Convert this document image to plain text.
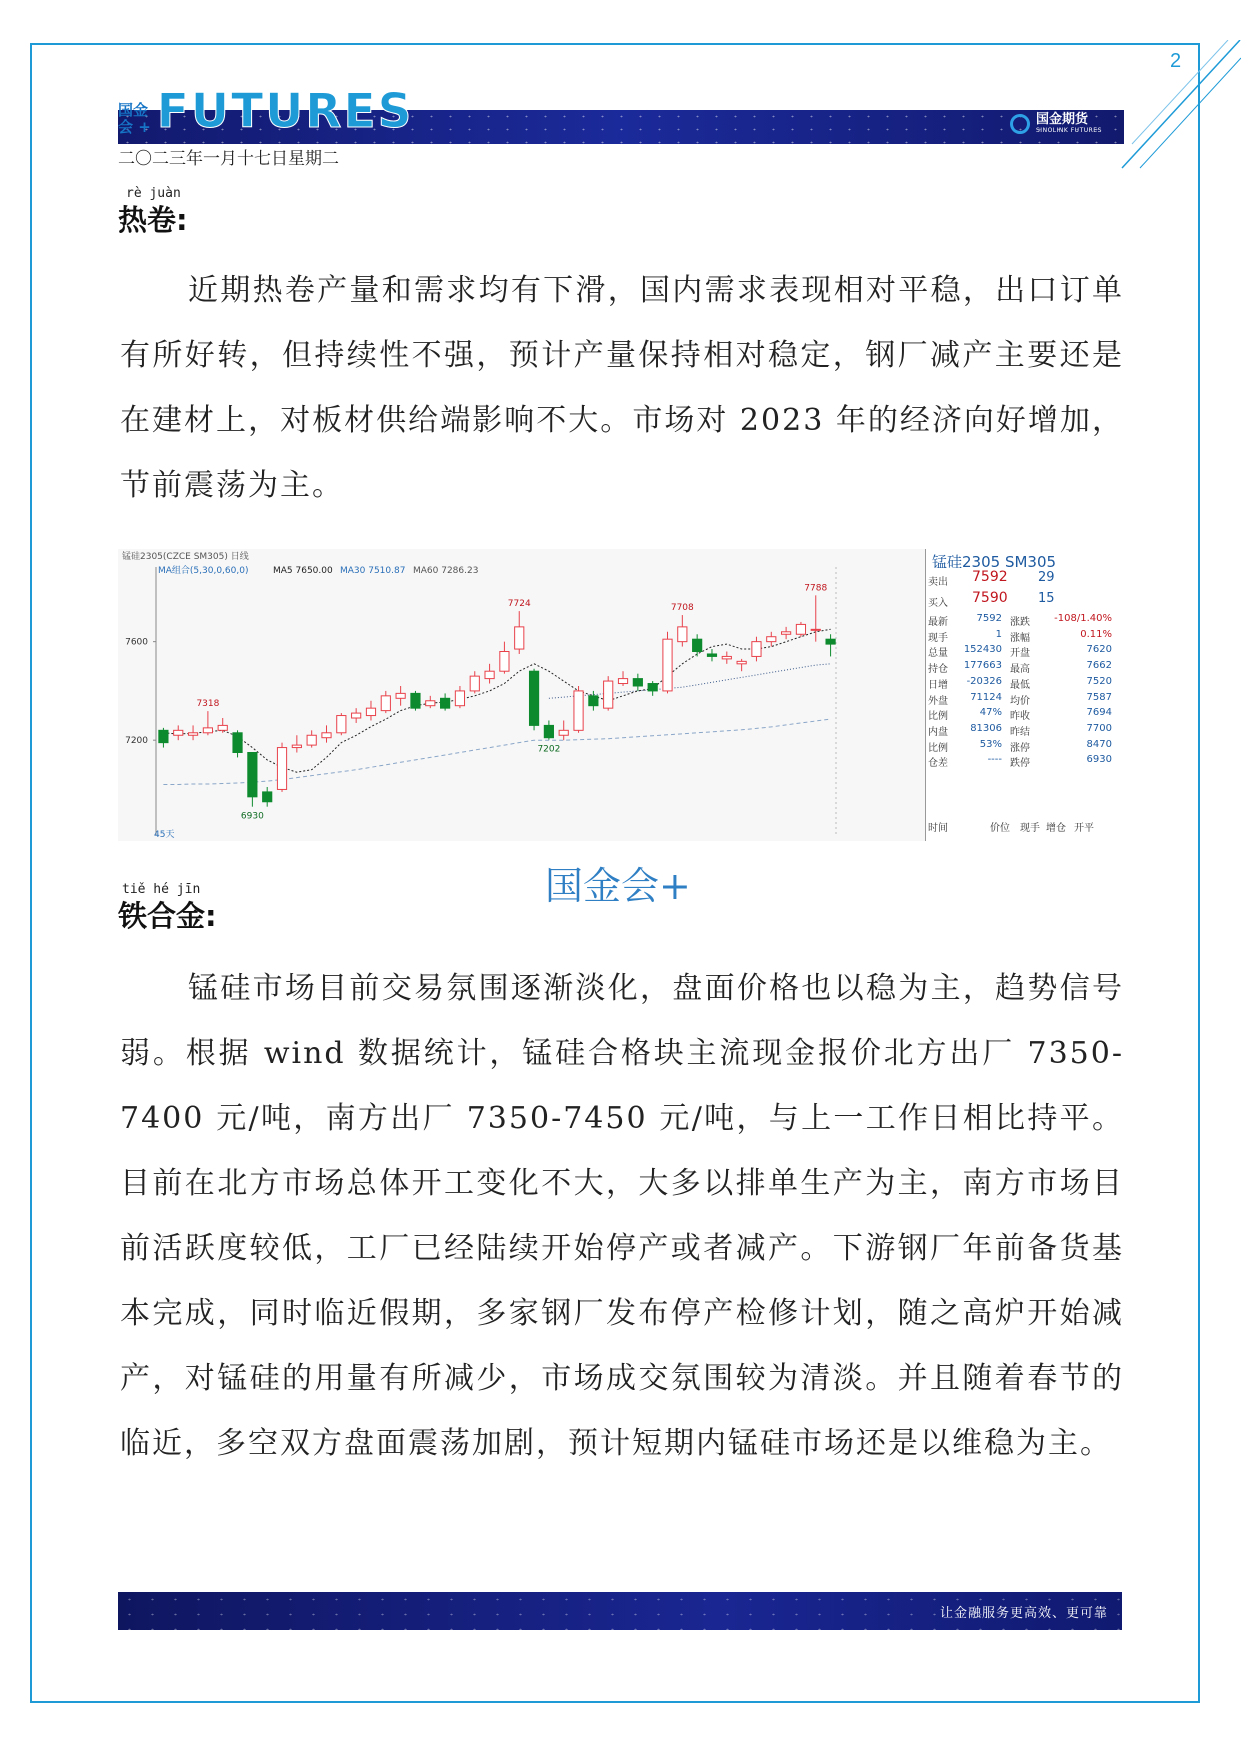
2
国金
会 + FUTURES	国金期货
SINOLINK FUTURES
二〇二三年一月十七日星期二
rè juàn
热卷:
近期热卷产量和需求均有下滑，国内需求表现相对平稳，出口订单有所好转，但持续性不强，预计产量保持相对稳定，钢厂减产主要还是在建材上，对板材供给端影响不大。市场对 2023 年的经济向好增加，节前震荡为主。
锰硅2305(CZCE SM305) 日线
MA组合(5,30,0,60,0)	MA5 7650.00 MA30 7510.87 MA60 7286.23
7600
7200
45天
7318
6930
7724
7202
7708
7788
锰硅2305 SM305
卖出 7592 29
买入 7590 15
最新	7592 涨跌 -108/1.40%
现手	1 涨幅	0.11%
总量 152430 开盘	7620
持仓 177663 最高	7662
日增 -20326 最低	7520
外盘 71124 均价	7587
比例	47% 昨收	7694
内盘 81306 昨结	7700
比例	53% 涨停	8470
仓差	---- 跌停	6930
时间	价位 现手 增仓 开平
国金会+
tiě hé jīn
铁合金:
锰硅市场目前交易氛围逐渐淡化，盘面价格也以稳为主，趋势信号弱。根据 wind 数据统计，锰硅合格块主流现金报价北方出厂 7350-7400 元/吨，南方出厂 7350-7450 元/吨，与上一工作日相比持平。目前在北方市场总体开工变化不大，大多以排单生产为主，南方市场目前活跃度较低，工厂已经陆续开始停产或者减产。下游钢厂年前备货基本完成，同时临近假期，多家钢厂发布停产检修计划，随之高炉开始减产，对锰硅的用量有所减少，市场成交氛围较为清淡。并且随着春节的临近，多空双方盘面震荡加剧，预计短期内锰硅市场还是以维稳为主。
让金融服务更高效、更可靠
